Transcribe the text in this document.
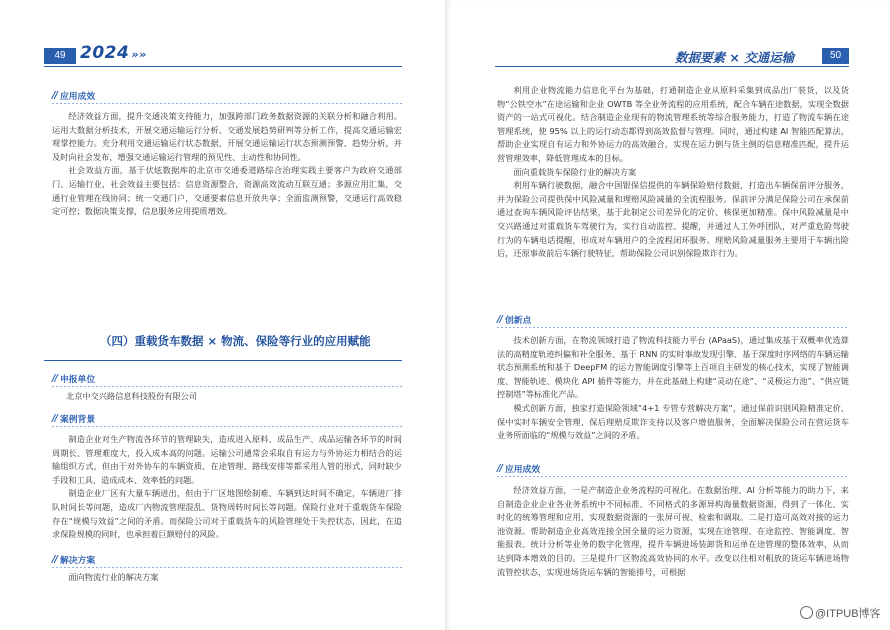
49 2024 »»
// 应用成效

经济效益方面，提升交通决策支持能力，加强跨部门政务数据资源的关联分析和融合利用。运用大数据分析技术，开展交通运输运行分析、交通发展趋势研判等分析工作，提高交通运输宏观掌控能力。充分利用交通运输运行状态数据，开展交通运输运行状态预测预警、趋势分析，并及时向社会发布，增强交通运输运行管理的预见性、主动性和协同性。

社会效益方面，基于伏炫数据库的北京市交通委道路综合治理实践主要客户为政府交通部门、运输行业，社会效益主要包括：信息资源整合，资源高效流动互联互通；多源应用汇集，交通行业管理在线协同；统一交通门户，交通要素信息开放共享；全面监测预警，交通运行高效稳定可控；数据决策支撑，信息服务应用提质增效。

（四）重载货车数据 × 物流、保险等行业的应用赋能
// 申报单位

北京中交兴路信息科技股份有限公司

// 案例背景

制造企业对生产物流各环节的管理缺失，造成进入原料、成品生产、成品运输各环节的时间周期长、管理难度大，投入成本高的问题。运输公司通常会采取自有运力与外协运力相结合的运输组织方式，但由于对外协车的车辆资质、在途管理、路线安排等都采用人管的形式，同时缺少手段和工具，造成成本、效率低的问题。

制造企业厂区有大量车辆进出，但由于厂区地图绘制难、车辆到达时间不确定，车辆进厂排队时间长等问题，造成厂内物流管理混乱、货物周转时间长等问题。保险行业对于重载货车保险存在“规模与效益”之间的矛盾。而保险公司对于重载货车的风险管理处于失控状态，因此，在追求保险规模的同时，也承担着巨额赔付的风险。

// 解决方案

面向物流行业的解决方案

数据要素 × 交通运输	50

利用企业物流能力信息化平台为基础，打通制造企业从原料采集到成品出厂装货，以及货物“公铁空水”在途运输和企业 OWTB 等全业务流程的应用系统，配合车辆在途数据，实现全数据资产的一站式可视化。结合制造企业现有的物流管理系统等综合服务能力，打造了物流车辆在途管理系统，使 95% 以上的运行动态都得到高效监督与管理。同时，通过构建 AI 智能匹配算法，帮助企业实现自有运力和外协运力的高效融合，实现在运力倒与货主倒的信息精准匹配，提升运营管理效率，降低管理成本的目标。

面向重载货车保险行业的解决方案

利用车辆行驶数据，融合中国银保信提供的车辆保险赔付数据，打造出车辆保前评分服务，并为保险公司提供保中风险减量和理赔风险减量的全流程服务。保前评分满足保险公司在承保前通过查询车辆风险评估结果，基于此制定公司差异化的定价、核保更加精准。保中风险减量是中交兴路通过对重载货车驾驶行为，实行自动监控、提醒，并通过人工外呼团队，对严重危险驾驶行为的车辆电话提醒，形成对车辆用户的全流程闭环服务。理赔风险减量服务主要用于车辆出险后，还原事故前后车辆行驶特征，帮助保险公司识别保险欺诈行为。

// 创新点

技术创新方面，在物流领域打造了物流科技能力平台 (APaaS)，通过集成基于双概率优选算法的高精度轨迹纠偏和补全服务、基于 RNN 的实时事故发现引擎、基于深度时序网络的车辆运输状态预测系统和基于 DeepFM 的运力智能调度引擎等上百项自主研发的核心技术，实现了智能调度、智能轨迹、模块化 API 插件等能力，并在此基础上构建“灵动在途”、“灵极运力池”、“供应链控制塔”等标准化产品。

模式创新方面，独家打造保险领域“4+1 专管专营解决方案”，通过保前识别风险精准定价、保中实时车辆安全管理、保后理赔反欺诈支持以及客户增值服务，全面解决保险公司在营运货车业务所面临的“规模与效益”之间的矛盾。

// 应用成效

经济效益方面，一是产制造企业务流程的可视化。在数据治理、AI 分析等能力的助力下，来自制造企业企业各业务系统中不同标准、不同格式的多源异构海量数据资源，得到了一体化、实时化的统筹管理和应用，实现数据资源的一张屏可视、检索和调取。二是打造可高效对接的运力池资源。帮助制造企业高效连接全国全量的运力资源，实现在途管理、在途监控、智能调度、智能报表、统计分析等业务的数字化管理，提升车辆进场装卸货和运单在途管理的整体效率，从而达到降本增效的目的。三是提升厂区物流高效协同的水平。改变以往相对粗放的货运车辆进场物流管控状态，实现进场货运车辆的智能排号，可根据

@ITPUB博客
